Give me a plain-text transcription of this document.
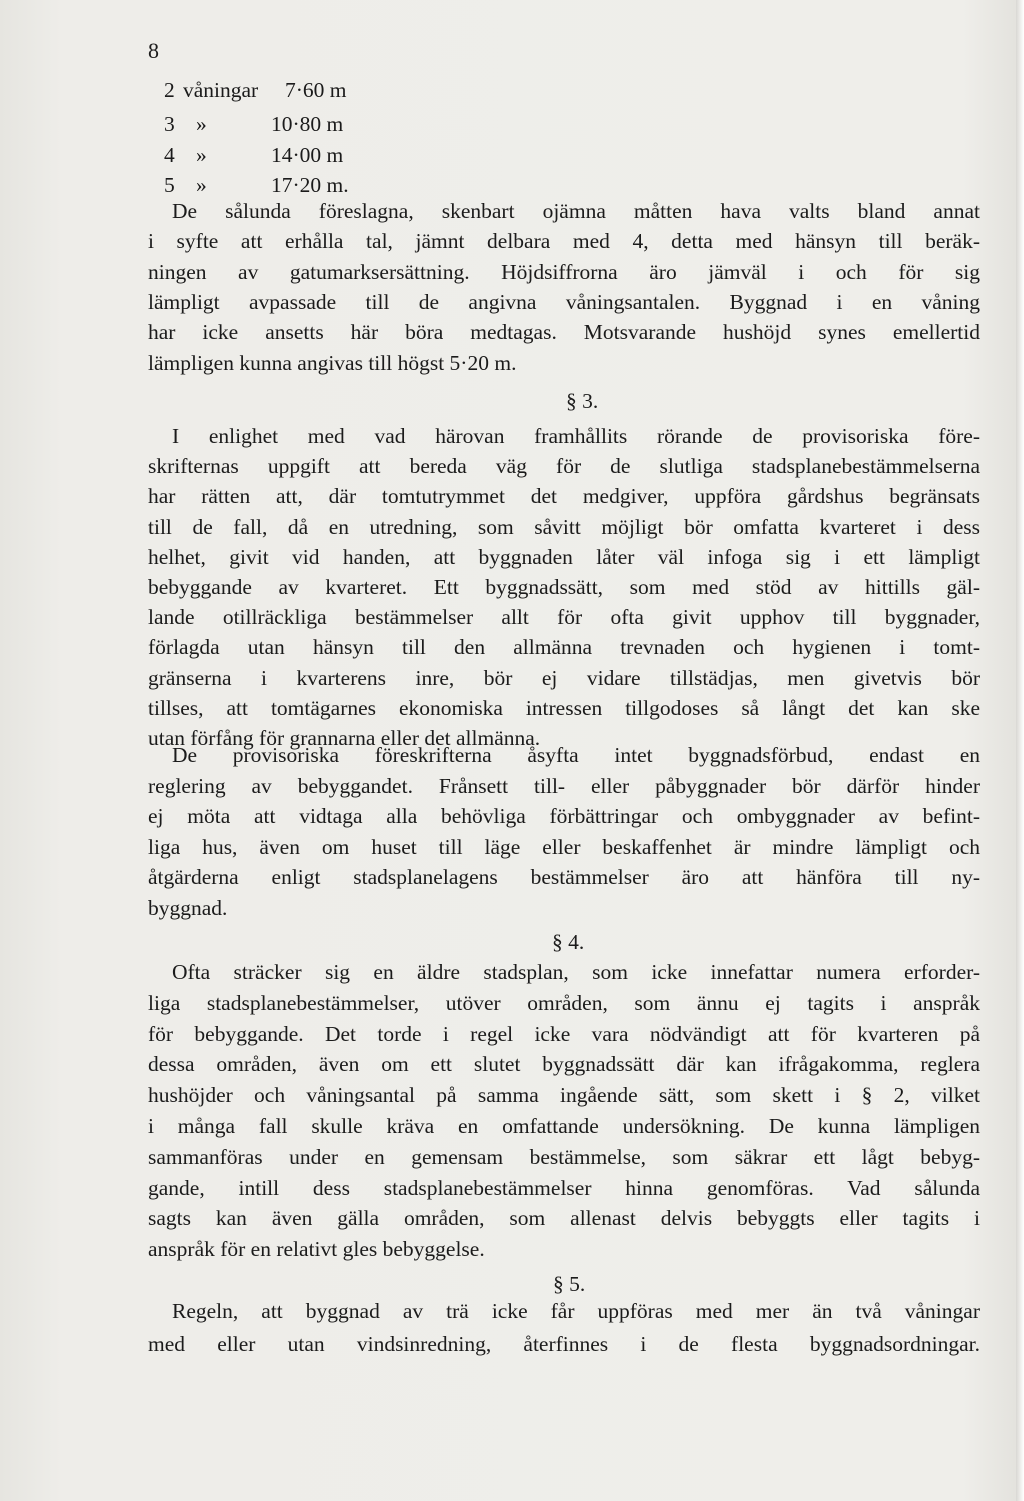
8
2 våningar 7·60 m
3 »	10·80 m
4 »	14·00 m
5 »	17·20 m.
De sålunda föreslagna, skenbart ojämna måtten hava valts bland annat
i syfte att erhålla tal, jämnt delbara med 4, detta med hänsyn till beräk-
ningen av gatumarksersättning. Höjdsiffrorna äro jämväl i och för sig
lämpligt avpassade till de angivna våningsantalen. Byggnad i en våning
har icke ansetts här böra medtagas. Motsvarande hushöjd synes emellertid
lämpligen kunna angivas till högst 5·20 m.
§ 3.
I enlighet med vad härovan framhållits rörande de provisoriska före-
skrifternas uppgift att bereda väg för de slutliga stadsplanebestämmelserna
har rätten att, där tomtutrymmet det medgiver, uppföra gårdshus begränsats
till de fall, då en utredning, som såvitt möjligt bör omfatta kvarteret i dess
helhet, givit vid handen, att byggnaden låter väl infoga sig i ett lämpligt
bebyggande av kvarteret. Ett byggnadssätt, som med stöd av hittills gäl-
lande otillräckliga bestämmelser allt för ofta givit upphov till byggnader,
förlagda utan hänsyn till den allmänna trevnaden och hygienen i tomt-
gränserna i kvarterens inre, bör ej vidare tillstädjas, men givetvis bör
tillses, att tomtägarnes ekonomiska intressen tillgodoses så långt det kan ske
utan förfång för grannarna eller det allmänna.
De provisoriska föreskrifterna åsyfta intet byggnadsförbud, endast en
reglering av bebyggandet. Frånsett till- eller påbyggnader bör därför hinder
ej möta att vidtaga alla behövliga förbättringar och ombyggnader av befint-
liga hus, även om huset till läge eller beskaffenhet är mindre lämpligt och
åtgärderna enligt stadsplanelagens bestämmelser äro att hänföra till ny-
byggnad.
§ 4.
Ofta sträcker sig en äldre stadsplan, som icke innefattar numera erforder-
liga stadsplanebestämmelser, utöver områden, som ännu ej tagits i anspråk
för bebyggande. Det torde i regel icke vara nödvändigt att för kvarteren på
dessa områden, även om ett slutet byggnadssätt där kan ifrågakomma, reglera
hushöjder och våningsantal på samma ingående sätt, som skett i § 2, vilket
i många fall skulle kräva en omfattande undersökning. De kunna lämpligen
sammanföras under en gemensam bestämmelse, som säkrar ett lågt bebyg-
gande, intill dess stadsplanebestämmelser hinna genomföras. Vad sålunda
sagts kan även gälla områden, som allenast delvis bebyggts eller tagits i
anspråk för en relativt gles bebyggelse.
§ 5.
Regeln, att byggnad av trä icke får uppföras med mer än två våningar
med eller utan vindsinredning, återfinnes i de flesta byggnadsordningar.
